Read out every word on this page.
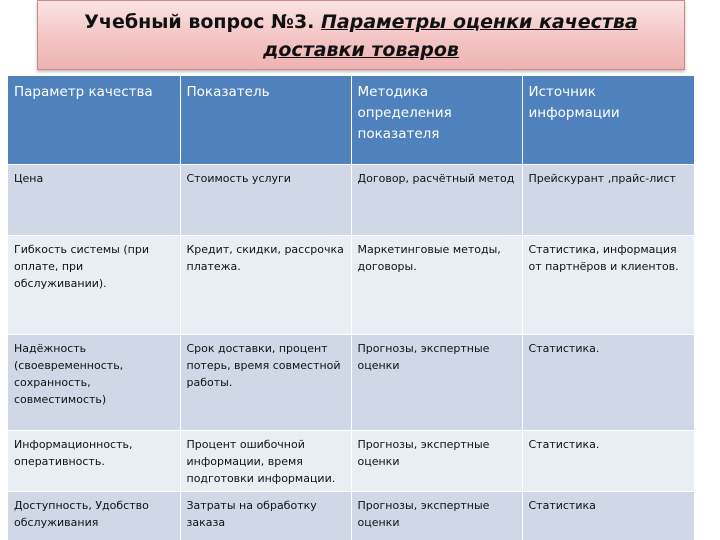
Учебный вопрос №3. Параметры оценки качества доставки товаров
Параметр качества	Показатель	Методика определения показателя	Источник информации
Цена	Стоимость услуги	Договор, расчётный метод	Прейскурант ,прайс-лист
Гибкость системы (при оплате, при обслуживании).	Кредит, скидки, рассрочка платежа.	Маркетинговые методы, договоры.	Статистика, информация от партнёров и клиентов.
Надёжность (своевременность, сохранность, совместимость)	Срок доставки, процент потерь, время совместной работы.	Прогнозы, экспертные оценки	Статистика.
Информационность, оперативность.	Процент ошибочной информации, время подготовки информации.	Прогнозы, экспертные оценки	Статистика.
Доступность, Удобство обслуживания	Затраты на обработку заказа	Прогнозы, экспертные оценки	Статистика
